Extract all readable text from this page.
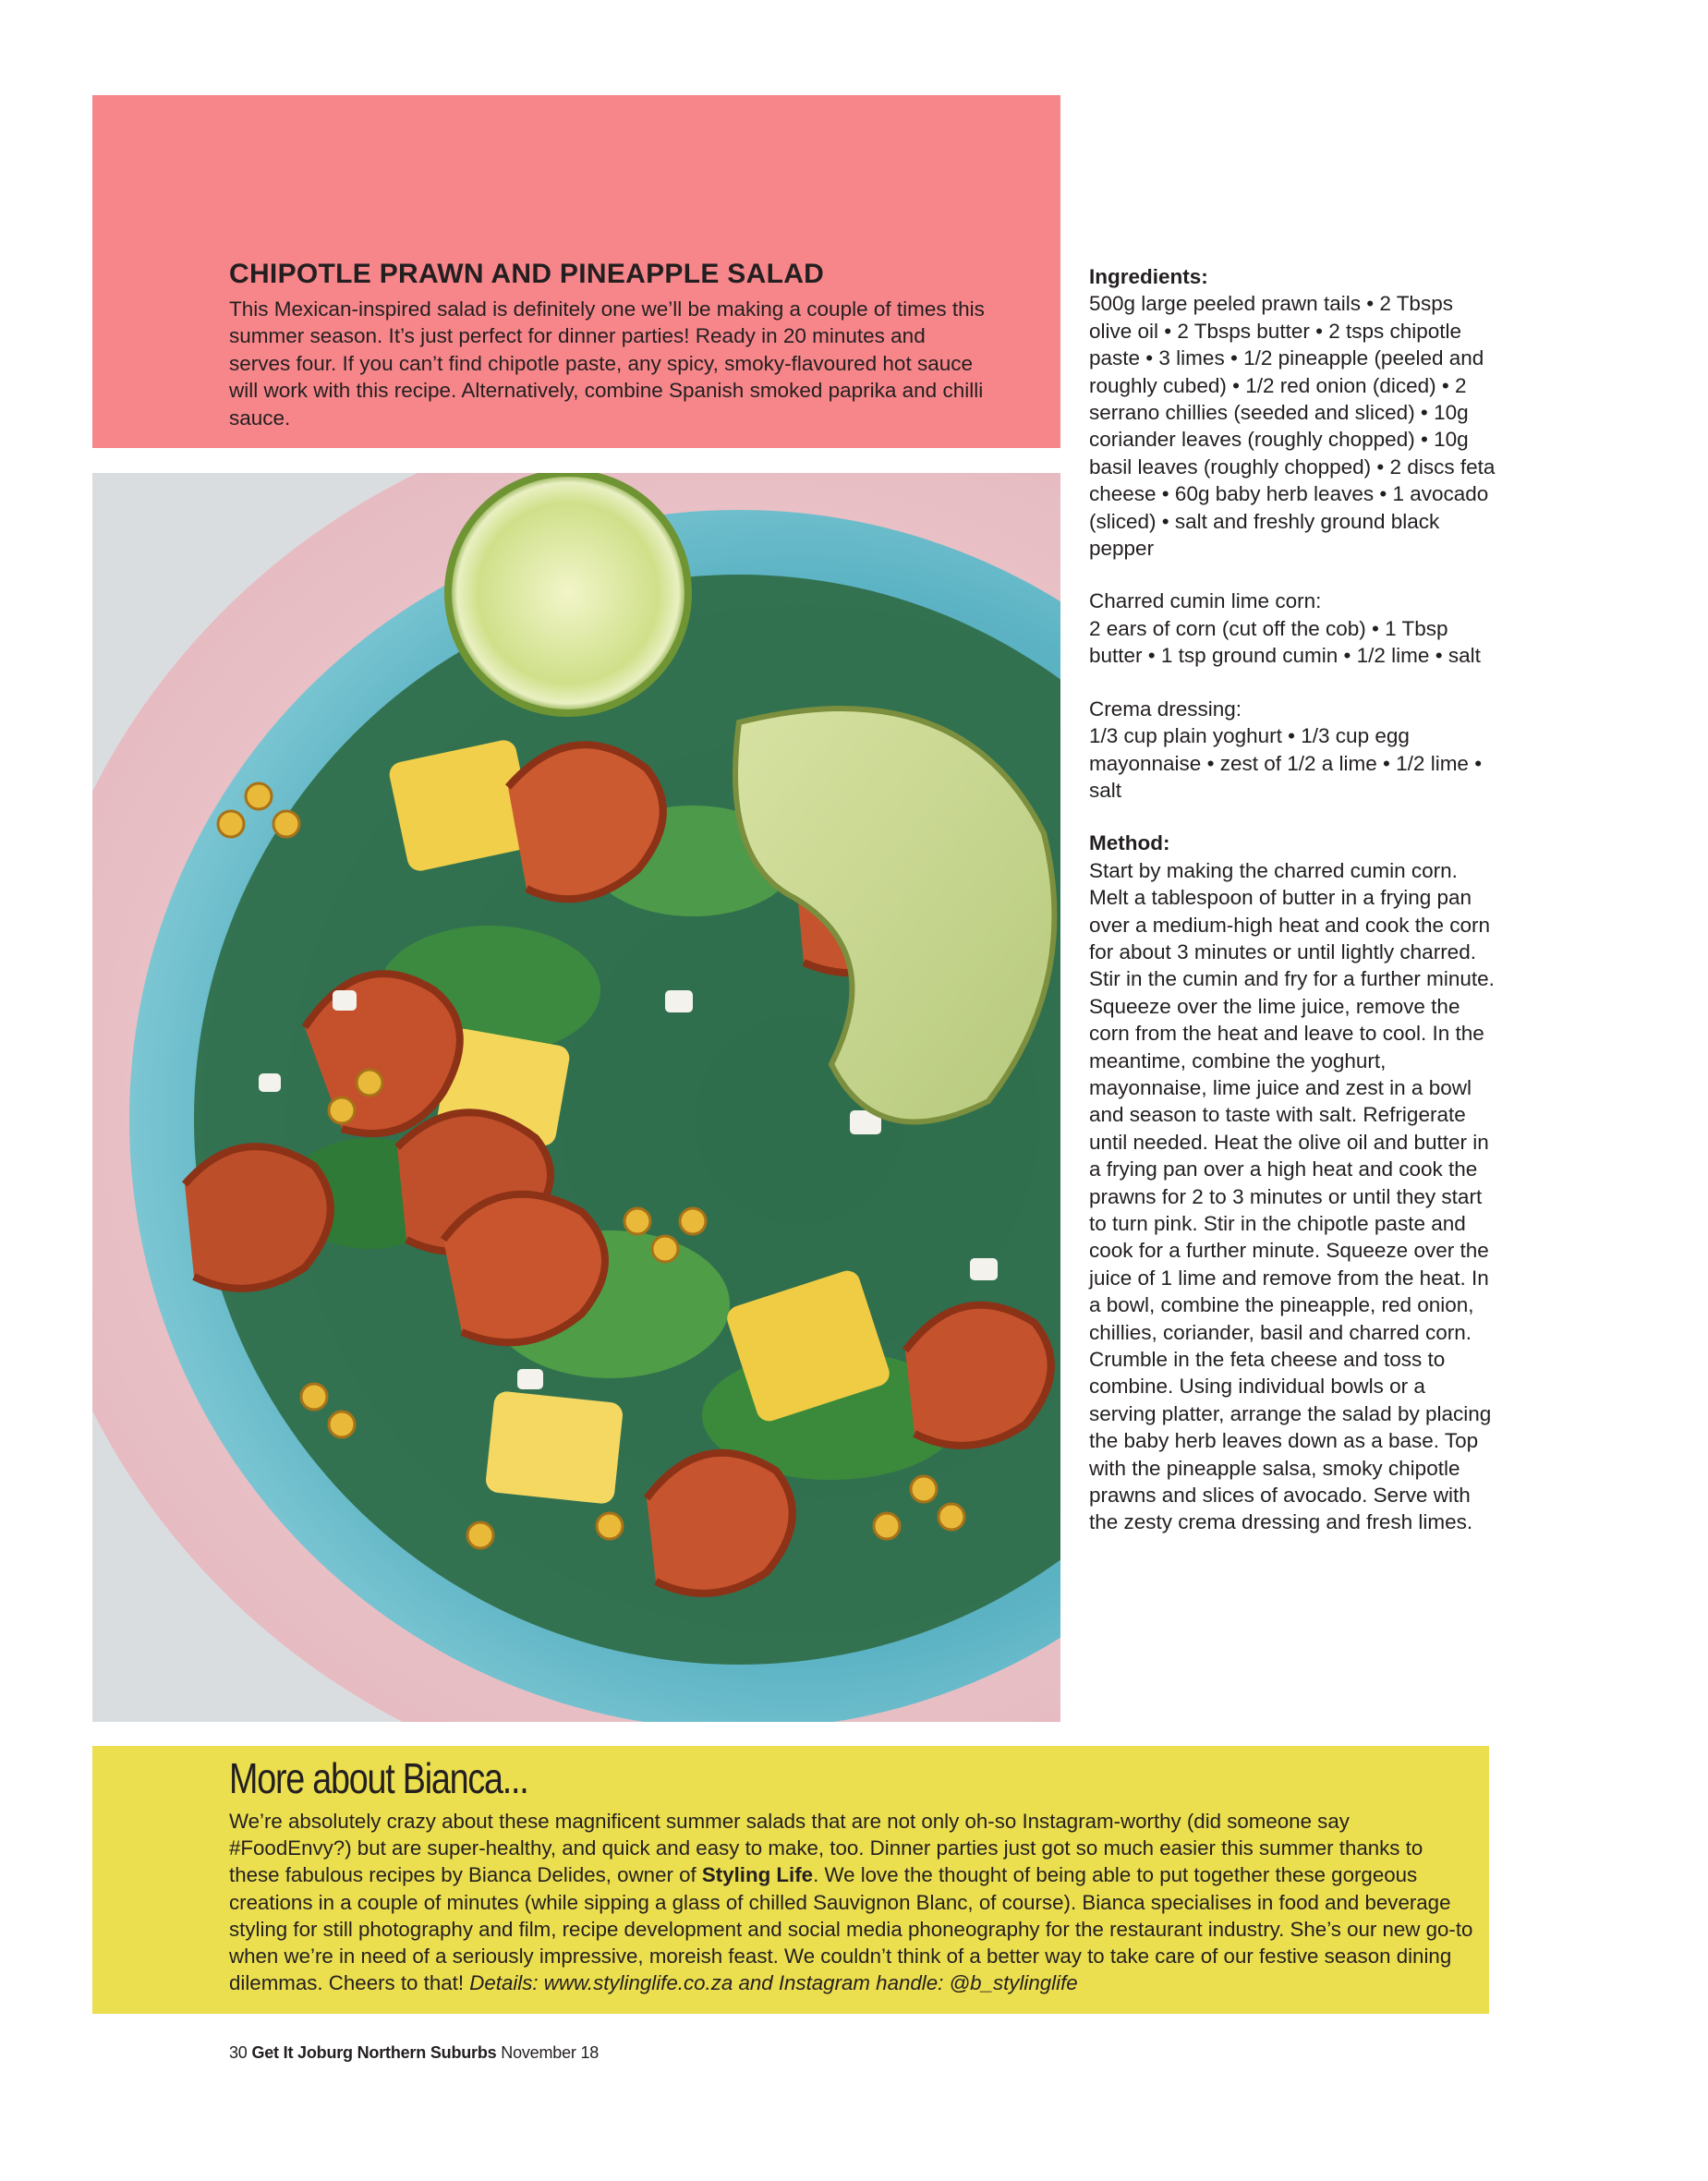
CHIPOTLE PRAWN AND PINEAPPLE SALAD

This Mexican-inspired salad is definitely one we’ll be making a couple of times this summer season. It’s just perfect for dinner parties! Ready in 20 minutes and serves four. If you can’t find chipotle paste, any spicy, smoky-flavoured hot sauce will work with this recipe. Alternatively, combine Spanish smoked paprika and chilli sauce.

Ingredients:

500g large peeled prawn tails • 2 Tbsps olive oil • 2 Tbsps butter • 2 tsps chipotle paste • 3 limes • 1/2 pineapple (peeled and roughly cubed) • 1/2 red onion (diced) • 2 serrano chillies (seeded and sliced) • 10g coriander leaves (roughly chopped) • 10g basil leaves (roughly chopped) • 2 discs feta cheese • 60g baby herb leaves • 1 avocado (sliced) • salt and freshly ground black pepper

Charred cumin lime corn:

2 ears of corn (cut off the cob) • 1 Tbsp butter • 1 tsp ground cumin • 1/2 lime • salt

Crema dressing:

1/3 cup plain yoghurt • 1/3 cup egg mayonnaise • zest of 1/2 a lime • 1/2 lime • salt

Method:

Start by making the charred cumin corn. Melt a tablespoon of butter in a frying pan over a medium-high heat and cook the corn for about 3 minutes or until lightly charred. Stir in the cumin and fry for a further minute. Squeeze over the lime juice, remove the corn from the heat and leave to cool. In the meantime, combine the yoghurt, mayonnaise, lime juice and zest in a bowl and season to taste with salt. Refrigerate until needed. Heat the olive oil and butter in a frying pan over a high heat and cook the prawns for 2 to 3 minutes or until they start to turn pink. Stir in the chipotle paste and cook for a further minute. Squeeze over the juice of 1 lime and remove from the heat. In a bowl, combine the pineapple, red onion, chillies, coriander, basil and charred corn. Crumble in the feta cheese and toss to combine. Using individual bowls or a serving platter, arrange the salad by placing the baby herb leaves down as a base. Top with the pineapple salsa, smoky chipotle prawns and slices of avocado. Serve with the zesty crema dressing and fresh limes.

More about Bianca...

We’re absolutely crazy about these magnificent summer salads that are not only oh-so Instagram-worthy (did someone say #FoodEnvy?) but are super-healthy, and quick and easy to make, too. Dinner parties just got so much easier this summer thanks to these fabulous recipes by Bianca Delides, owner of Styling Life. We love the thought of being able to put together these gorgeous creations in a couple of minutes (while sipping a glass of chilled Sauvignon Blanc, of course). Bianca specialises in food and beverage styling for still photography and film, recipe development and social media phoneography for the restaurant industry. She’s our new go-to when we’re in need of a seriously impressive, moreish feast. We couldn’t think of a better way to take care of our festive season dining dilemmas. Cheers to that! Details: www.stylinglife.co.za and Instagram handle: @b_stylinglife

30 Get It Joburg Northern Suburbs November 18
